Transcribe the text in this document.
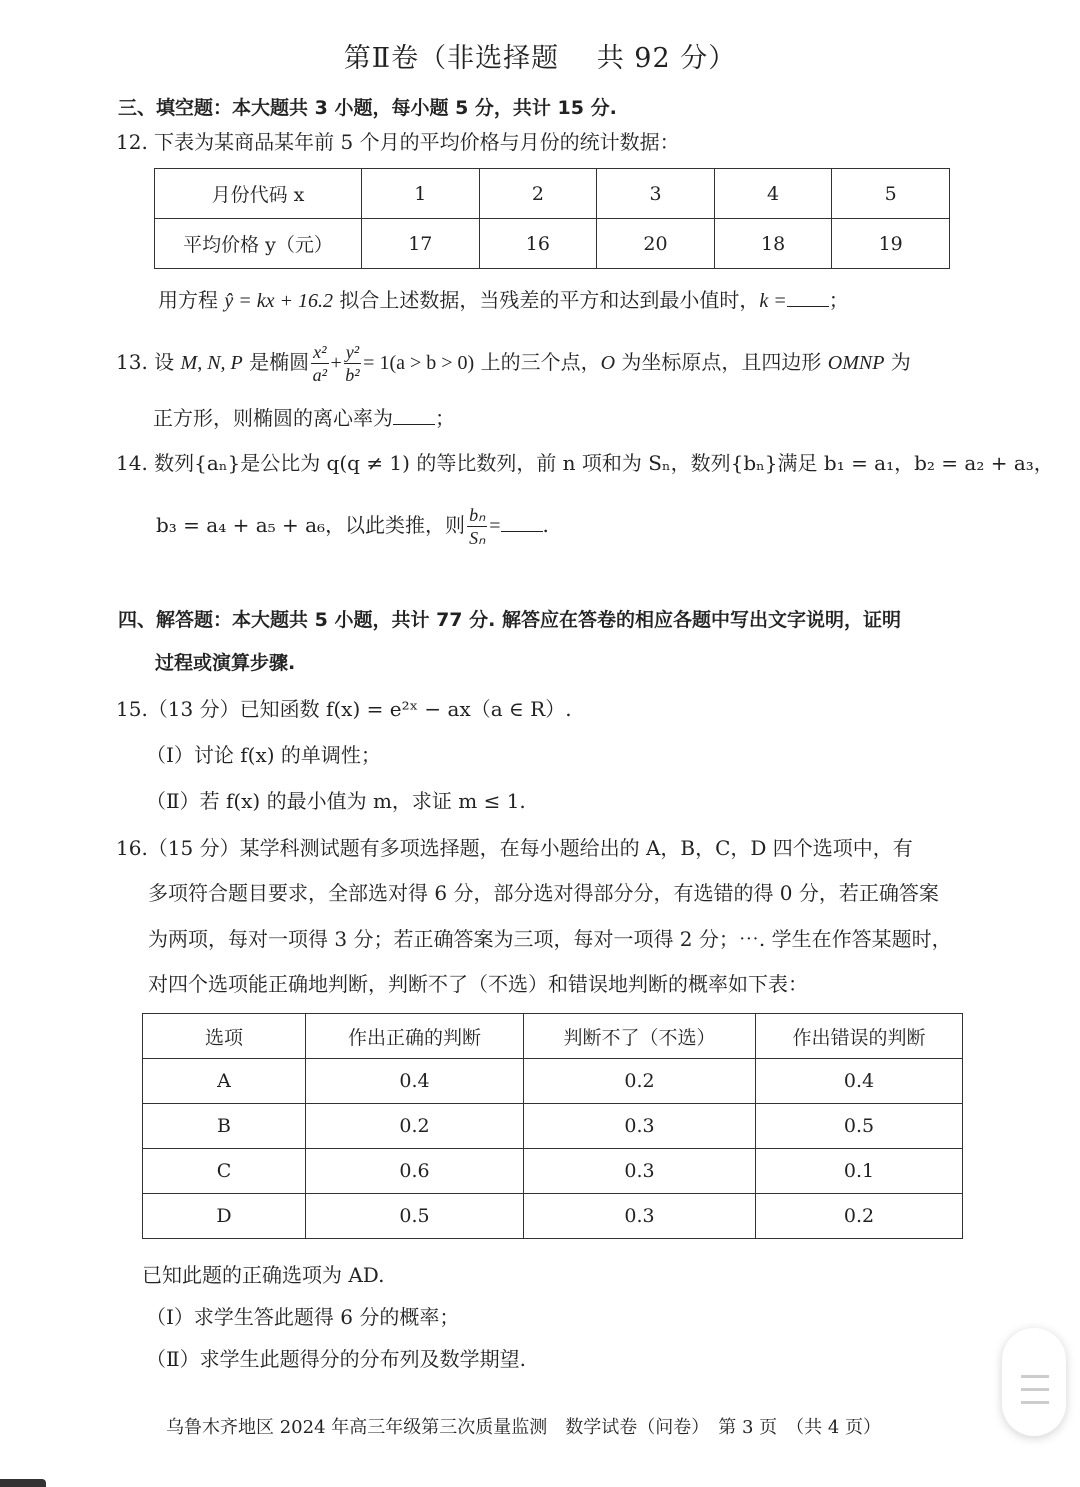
第Ⅱ卷（非选择题　 共 92 分）
三、填空题：本大题共 3 小题，每小题 5 分，共计 15 分.
12. 下表为某商品某年前 5 个月的平均价格与月份的统计数据：
月份代码 x	1	2	3	4	5
平均价格 y（元）	17	16	20	18	19
用方程 ŷ = kx + 16.2 拟合上述数据，当残差的平方和达到最小值时，k = ；
13. 设 M, N, P 是椭圆 $\frac{\text{x²}}{\text{a²}} + \frac{\text{y²}}{\text{b²}} = 1(a > b > 0)$ 上的三个点，O 为坐标原点，且四边形 OMNP 为
正方形，则椭圆的离心率为 ；
14. 数列{aₙ}是公比为 q(q ≠ 1) 的等比数列，前 n 项和为 Sₙ，数列{bₙ}满足 b₁ = a₁，b₂ = a₂ + a₃，
b₃ = a₄ + a₅ + a₆，以此类推，则 $\frac{\text{bₙ}}{\text{Sₙ}}$ = .
四、解答题：本大题共 5 小题，共计 77 分. 解答应在答卷的相应各题中写出文字说明，证明
过程或演算步骤.
15.（13 分）已知函数 f(x) = e²ˣ − ax（a ∈ R）.
（Ⅰ）讨论 f(x) 的单调性；
（Ⅱ）若 f(x) 的最小值为 m，求证 m ≤ 1.
16.（15 分）某学科测试题有多项选择题，在每小题给出的 A，B，C，D 四个选项中，有
多项符合题目要求，全部选对得 6 分，部分选对得部分分，有选错的得 0 分，若正确答案
为两项，每对一项得 3 分；若正确答案为三项，每对一项得 2 分；⋯. 学生在作答某题时，
对四个选项能正确地判断，判断不了（不选）和错误地判断的概率如下表：
选项	作出正确的判断	判断不了（不选）	作出错误的判断
A	0.4	0.2	0.4
B	0.2	0.3	0.5
C	0.6	0.3	0.1
D	0.5	0.3	0.2
已知此题的正确选项为 AD.
（Ⅰ）求学生答此题得 6 分的概率；
（Ⅱ）求学生此题得分的分布列及数学期望.
乌鲁木齐地区 2024 年高三年级第三次质量监测　数学试卷（问卷）　第 3 页　（共 4 页）
